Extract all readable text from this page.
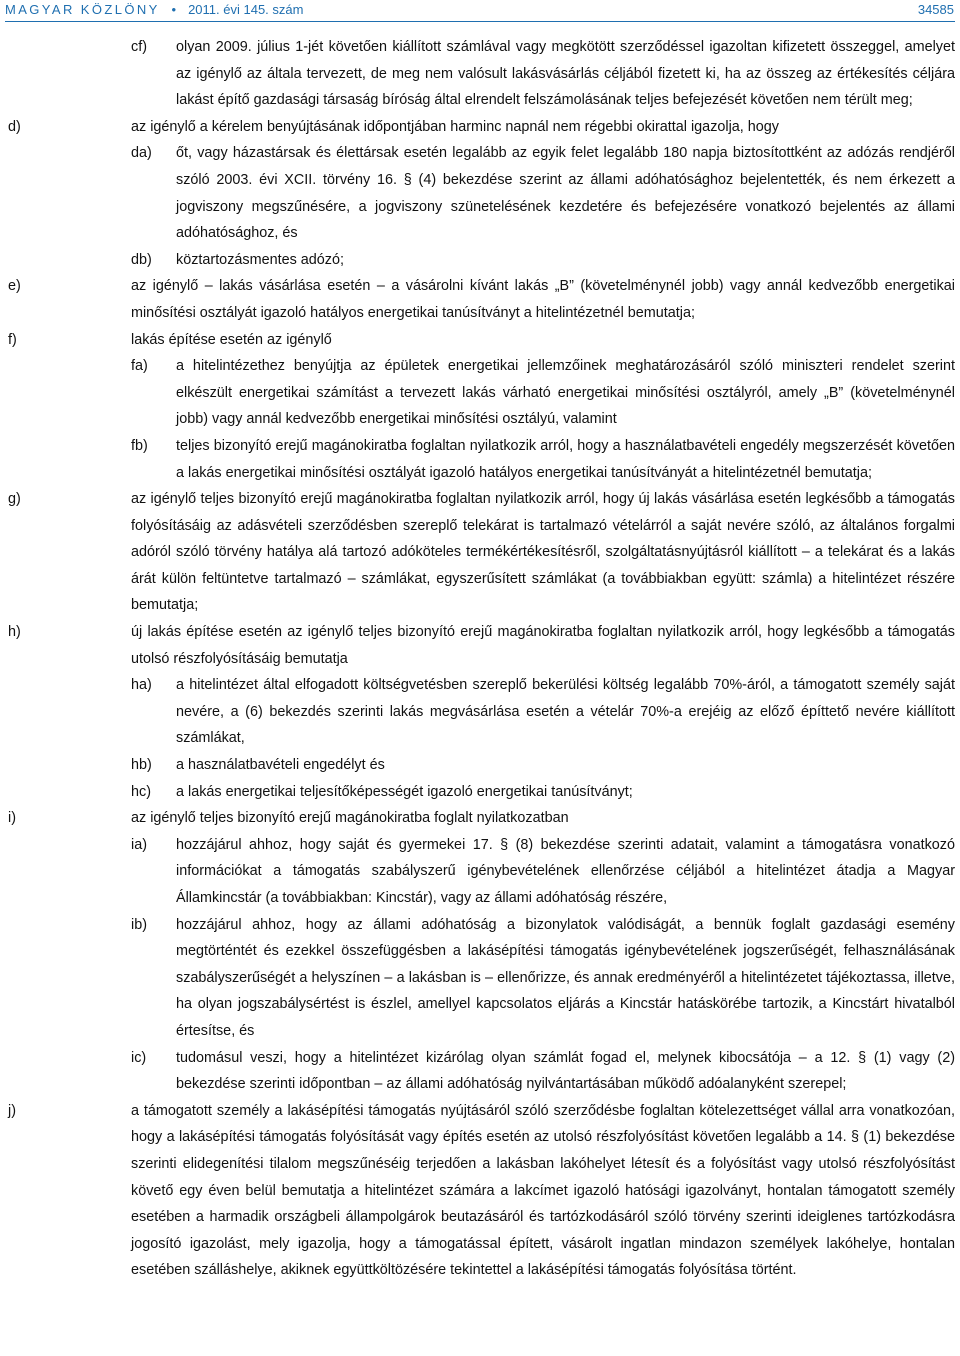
MAGYAR KÖZLÖNY • 2011. évi 145. szám	34585
cf) olyan 2009. július 1-jét követően kiállított számlával vagy megkötött szerződéssel igazoltan kifizetett összeggel, amelyet az igénylő az általa tervezett, de meg nem valósult lakásvásárlás céljából fizetett ki, ha az összeg az értékesítés céljára lakást építő gazdasági társaság bíróság által elrendelt felszámolásának teljes befejezését követően nem térült meg;
d)	az igénylő a kérelem benyújtásának időpontjában harminc napnál nem régebbi okirattal igazolja, hogy
da) őt, vagy házastársak és élettársak esetén legalább az egyik felet legalább 180 napja biztosítottként az adózás rendjéről szóló 2003. évi XCII. törvény 16. § (4) bekezdése szerint az állami adóhatósághoz bejelentették, és nem érkezett a jogviszony megszűnésére, a jogviszony szünetelésének kezdetére és befejezésére vonatkozó bejelentés az állami adóhatósághoz, és
db) köztartozásmentes adózó;
e)	az igénylő – lakás vásárlása esetén – a vásárolni kívánt lakás „B” (követelménynél jobb) vagy annál kedvezőbb energetikai minősítési osztályát igazoló hatályos energetikai tanúsítványt a hitelintézetnél bemutatja;
f)	lakás építése esetén az igénylő
fa) a hitelintézethez benyújtja az épületek energetikai jellemzőinek meghatározásáról szóló miniszteri rendelet szerint elkészült energetikai számítást a tervezett lakás várható energetikai minősítési osztályról, amely „B” (követelménynél jobb) vagy annál kedvezőbb energetikai minősítési osztályú, valamint
fb) teljes bizonyító erejű magánokiratba foglaltan nyilatkozik arról, hogy a használatbavételi engedély megszerzését követően a lakás energetikai minősítési osztályát igazoló hatályos energetikai tanúsítványát a hitelintézetnél bemutatja;
g)	az igénylő teljes bizonyító erejű magánokiratba foglaltan nyilatkozik arról, hogy új lakás vásárlása esetén legkésőbb a támogatás folyósításáig az adásvételi szerződésben szereplő telekárat is tartalmazó vételárról a saját nevére szóló, az általános forgalmi adóról szóló törvény hatálya alá tartozó adóköteles termékértékesítésről, szolgáltatásnyújtásról kiállított – a telekárat és a lakás árát külön feltüntetve tartalmazó – számlákat, egyszerűsített számlákat (a továbbiakban együtt: számla) a hitelintézet részére bemutatja;
h)	új lakás építése esetén az igénylő teljes bizonyító erejű magánokiratba foglaltan nyilatkozik arról, hogy legkésőbb a támogatás utolsó részfolyósításáig bemutatja
ha) a hitelintézet által elfogadott költségvetésben szereplő bekerülési költség legalább 70%-áról, a támogatott személy saját nevére, a (6) bekezdés szerinti lakás megvásárlása esetén a vételár 70%-a erejéig az előző építtető nevére kiállított számlákat,
hb) a használatbavételi engedélyt és
hc) a lakás energetikai teljesítőképességét igazoló energetikai tanúsítványt;
i)	az igénylő teljes bizonyító erejű magánokiratba foglalt nyilatkozatban
ia) hozzájárul ahhoz, hogy saját és gyermekei 17. § (8) bekezdése szerinti adatait, valamint a támogatásra vonatkozó információkat a támogatás szabályszerű igénybevételének ellenőrzése céljából a hitelintézet átadja a Magyar Államkincstár (a továbbiakban: Kincstár), vagy az állami adóhatóság részére,
ib) hozzájárul ahhoz, hogy az állami adóhatóság a bizonylatok valódiságát, a bennük foglalt gazdasági esemény megtörténtét és ezekkel összefüggésben a lakásépítési támogatás igénybevételének jogszerűségét, felhasználásának szabályszerűségét a helyszínen – a lakásban is – ellenőrizze, és annak eredményéről a hitelintézetet tájékoztassa, illetve, ha olyan jogszabálysértést is észlel, amellyel kapcsolatos eljárás a Kincstár hatáskörébe tartozik, a Kincstárt hivatalból értesítse, és
ic) tudomásul veszi, hogy a hitelintézet kizárólag olyan számlát fogad el, melynek kibocsátója – a 12. § (1) vagy (2) bekezdése szerinti időpontban – az állami adóhatóság nyilvántartásában működő adóalanyként szerepel;
j)	a támogatott személy a lakásépítési támogatás nyújtásáról szóló szerződésbe foglaltan kötelezettséget vállal arra vonatkozóan, hogy a lakásépítési támogatás folyósítását vagy építés esetén az utolsó részfolyósítást követően legalább a 14. § (1) bekezdése szerinti elidegenítési tilalom megszűnéséig terjedően a lakásban lakóhelyet létesít és a folyósítást vagy utolsó részfolyósítást követő egy éven belül bemutatja a hitelintézet számára a lakcímet igazoló hatósági igazolványt, hontalan támogatott személy esetében a harmadik országbeli állampolgárok beutazásáról és tartózkodásáról szóló törvény szerinti ideiglenes tartózkodásra jogosító igazolást, mely igazolja, hogy a támogatással épített, vásárolt ingatlan mindazon személyek lakóhelye, hontalan esetében szálláshelye, akiknek együttköltözésére tekintettel a lakásépítési támogatás folyósítása történt.
